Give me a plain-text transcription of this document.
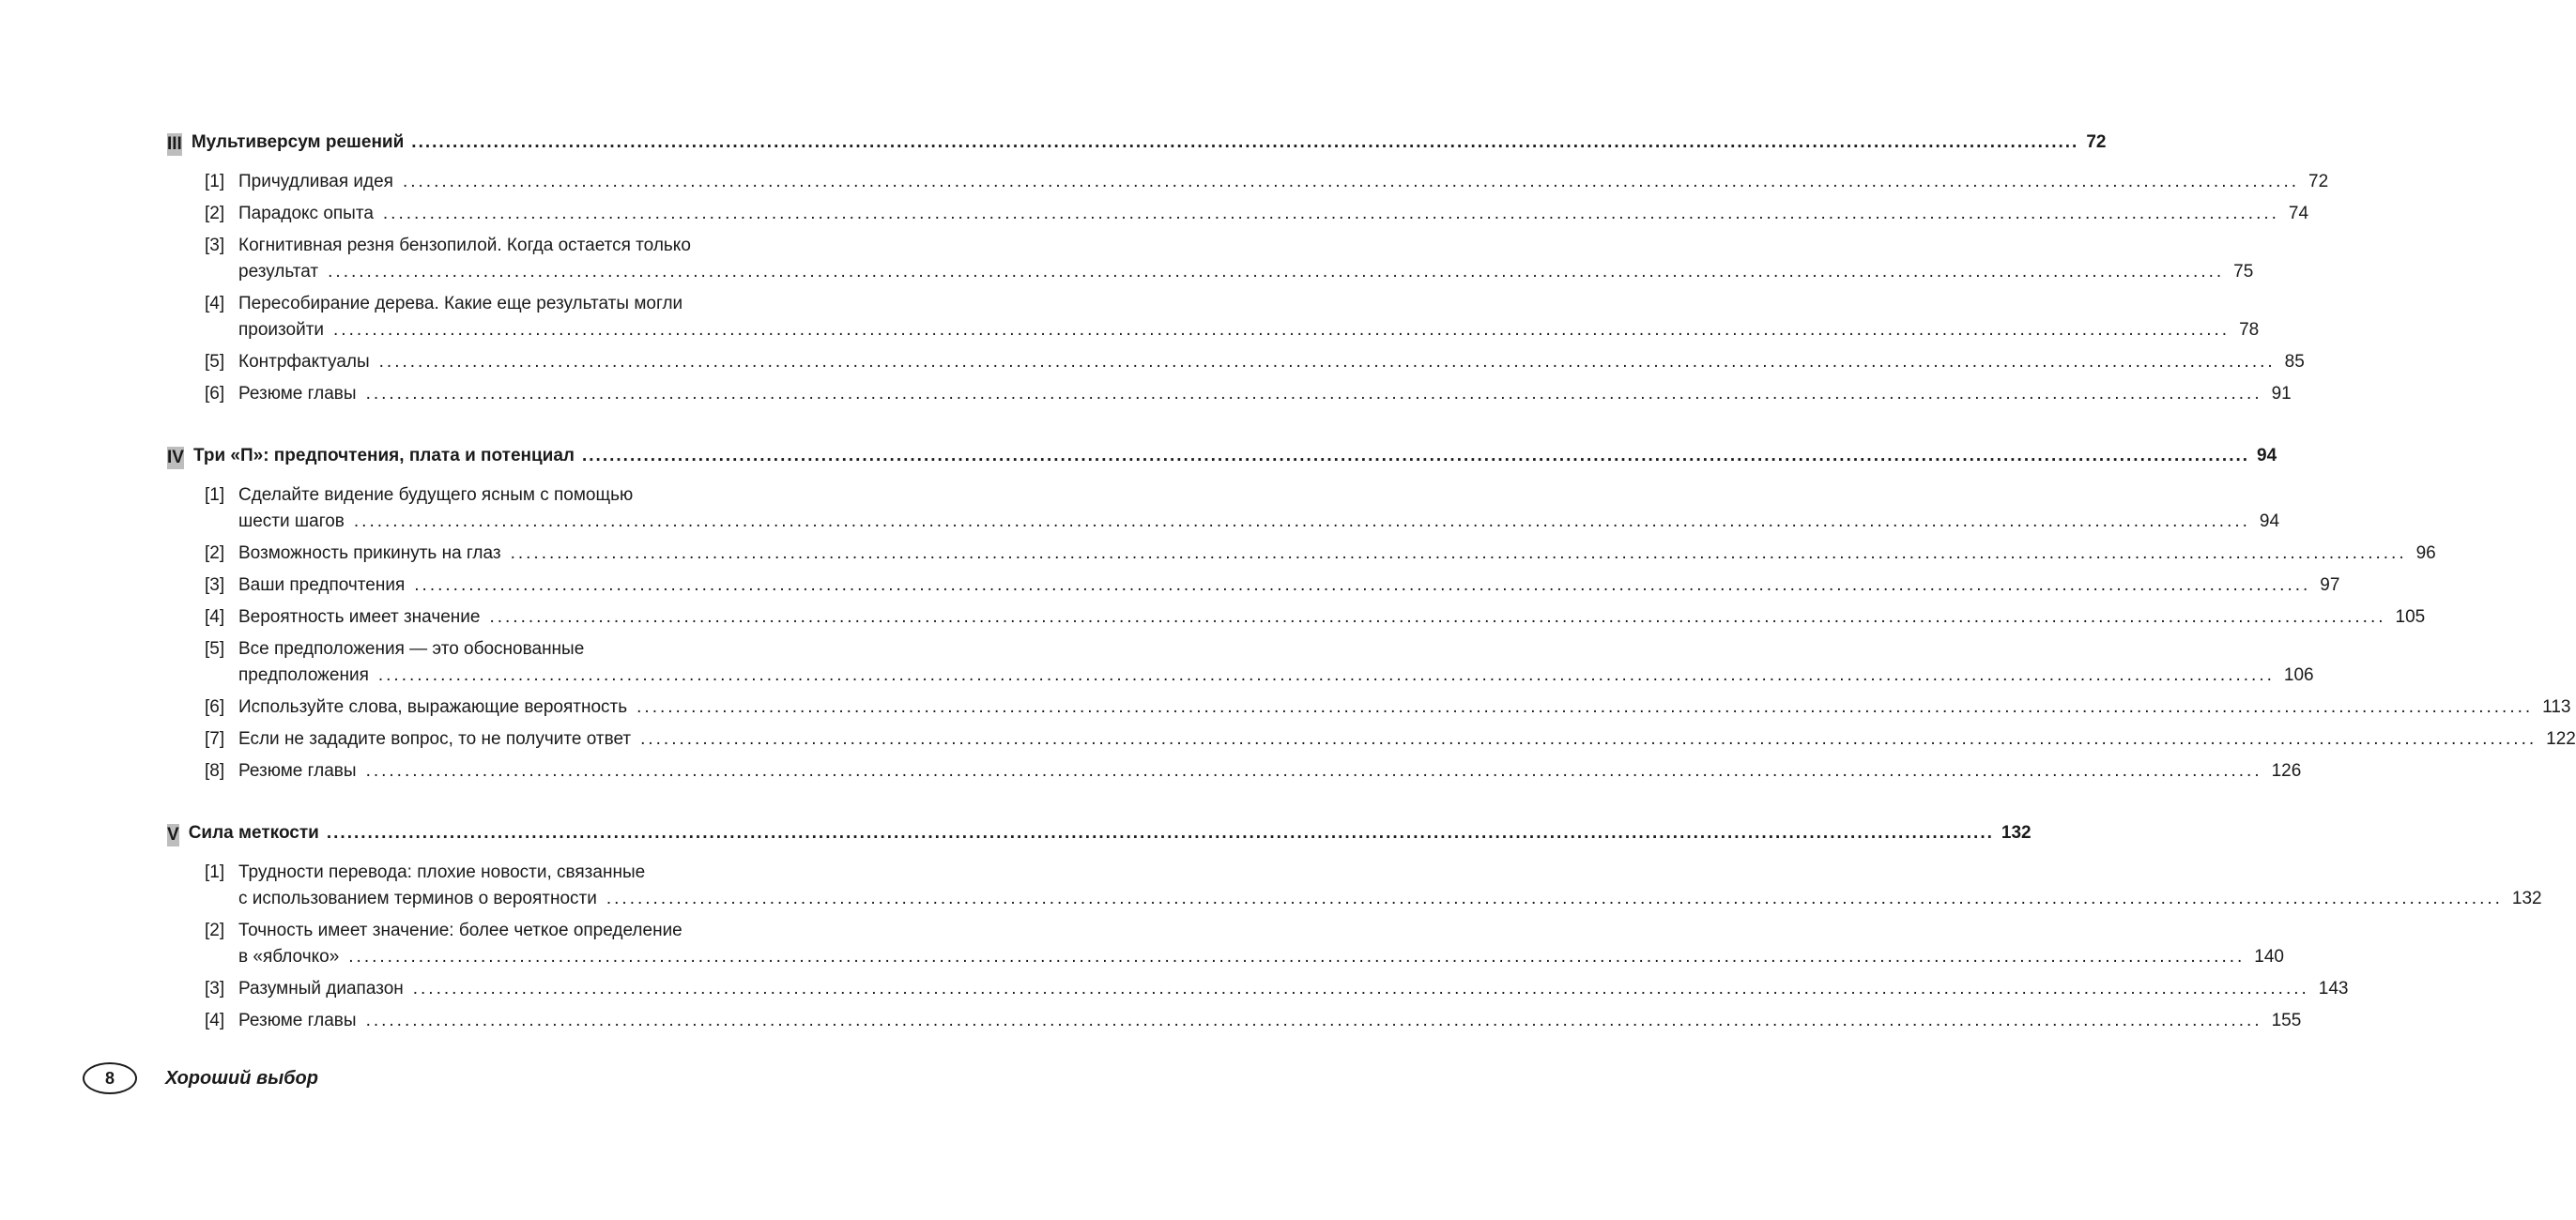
III Мультиверсум решений .....	72
[1] Причудливая идея .....	72
[2] Парадокс опыта .....	74
[3] Когнитивная резня бензопилой. Когда остается только
результат .....	75
[4] Пересобирание дерева. Какие еще результаты могли
произойти .....	78
[5] Контрфактуалы .....	85
[6] Резюме главы .....	91
IV Три «П»: предпочтения, плата и потенциал .....	94
[1] Сделайте видение будущего ясным с помощью
шести шагов .....	94
[2] Возможность прикинуть на глаз .....	96
[3] Ваши предпочтения .....	97
[4] Вероятность имеет значение .....	105
[5] Все предположения — это обоснованные
предположения .....	106
[6] Используйте слова, выражающие вероятность .....	113
[7] Если не зададите вопрос, то не получите ответ .....	122
[8] Резюме главы .....	126
V Сила меткости .....	132
[1] Трудности перевода: плохие новости, связанные
с использованием терминов о вероятности .....	132
[2] Точность имеет значение: более четкое определение
в «яблочко» .....	140
[3] Разумный диапазон .....	143
[4] Резюме главы .....	155
8	Хороший выбор
